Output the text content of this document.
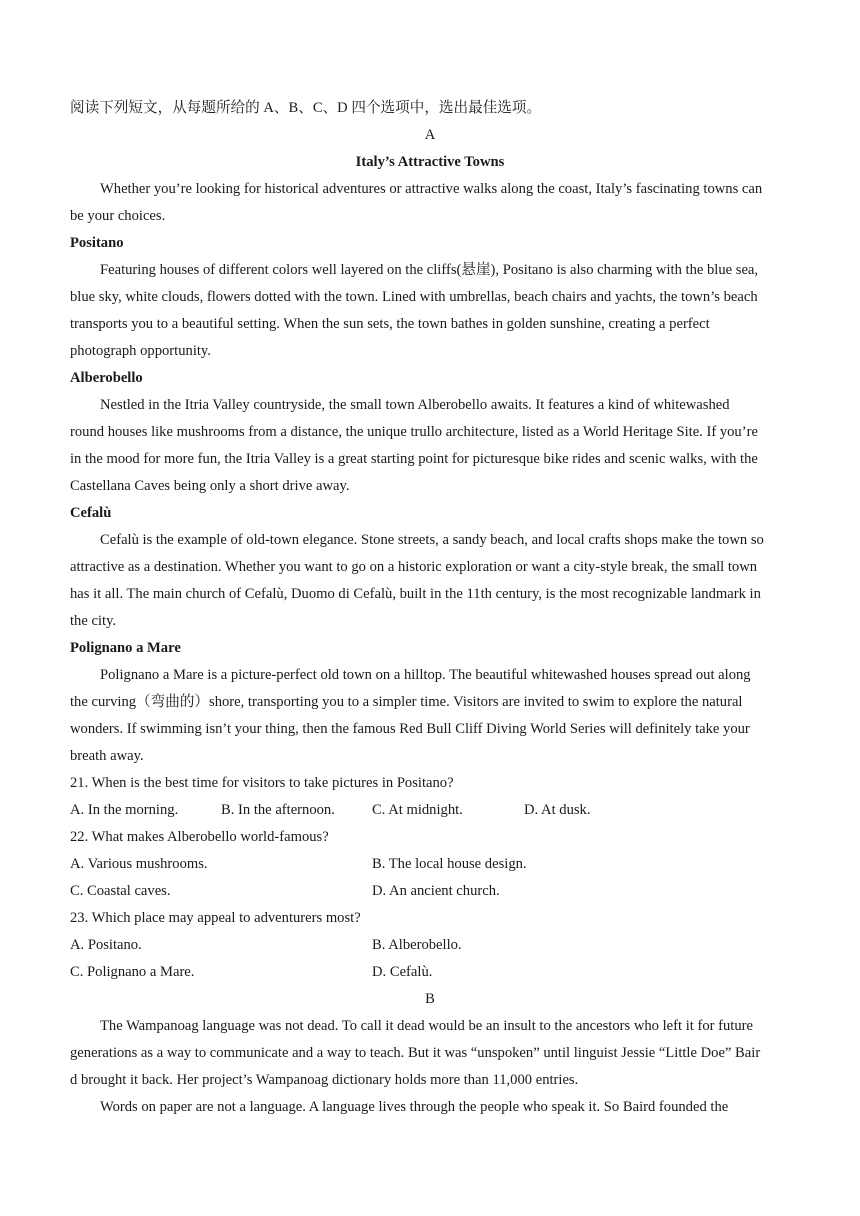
阅读下列短文，从每题所给的 A、B、C、D 四个选项中，选出最佳选项。
A
Italy’s Attractive Towns
Whether you’re looking for historical adventures or attractive walks along the coast, Italy’s fascinating towns can
be your choices.
Positano
Featuring houses of different colors well layered on the cliffs(悬崖), Positano is also charming with the blue sea,
blue sky, white clouds, flowers dotted with the town. Lined with umbrellas, beach chairs and yachts, the town’s beach
transports you to a beautiful setting. When the sun sets, the town bathes in golden sunshine, creating a perfect
photograph opportunity.
Alberobello
Nestled in the Itria Valley countryside, the small town Alberobello awaits. It features a kind of whitewashed
round houses like mushrooms from a distance, the unique trullo architecture, listed as a World Heritage Site. If you’re
in the mood for more fun, the Itria Valley is a great starting point for picturesque bike rides and scenic walks, with the
Castellana Caves being only a short drive away.
Cefalù
Cefalù is the example of old-town elegance. Stone streets, a sandy beach, and local crafts shops make the town so
attractive as a destination. Whether you want to go on a historic exploration or want a city-style break, the small town
has it all. The main church of Cefalù, Duomo di Cefalù, built in the 11th century, is the most recognizable landmark in
the city.
Polignano a Mare
Polignano a Mare is a picture-perfect old town on a hilltop. The beautiful whitewashed houses spread out along
the curving（弯曲的）shore, transporting you to a simpler time. Visitors are invited to swim to explore the natural
wonders. If swimming isn’t your thing, then the famous Red Bull Cliff Diving World Series will definitely take your
breath away.
21. When is the best time for visitors to take pictures in Positano?
A. In the morning.	B. In the afternoon.	C. At midnight.	D. At dusk.
22. What makes Alberobello world-famous?
A. Various mushrooms.	B. The local house design.
C. Coastal caves.	D. An ancient church.
23. Which place may appeal to adventurers most?
A. Positano.	B. Alberobello.
C. Polignano a Mare.	D. Cefalù.
B
The Wampanoag language was not dead. To call it dead would be an insult to the ancestors who left it for future
generations as a way to communicate and a way to teach. But it was “unspoken” until linguist Jessie “Little Doe” Bair
d brought it back. Her project’s Wampanoag dictionary holds more than 11,000 entries.
Words on paper are not a language. A language lives through the people who speak it. So Baird founded the
